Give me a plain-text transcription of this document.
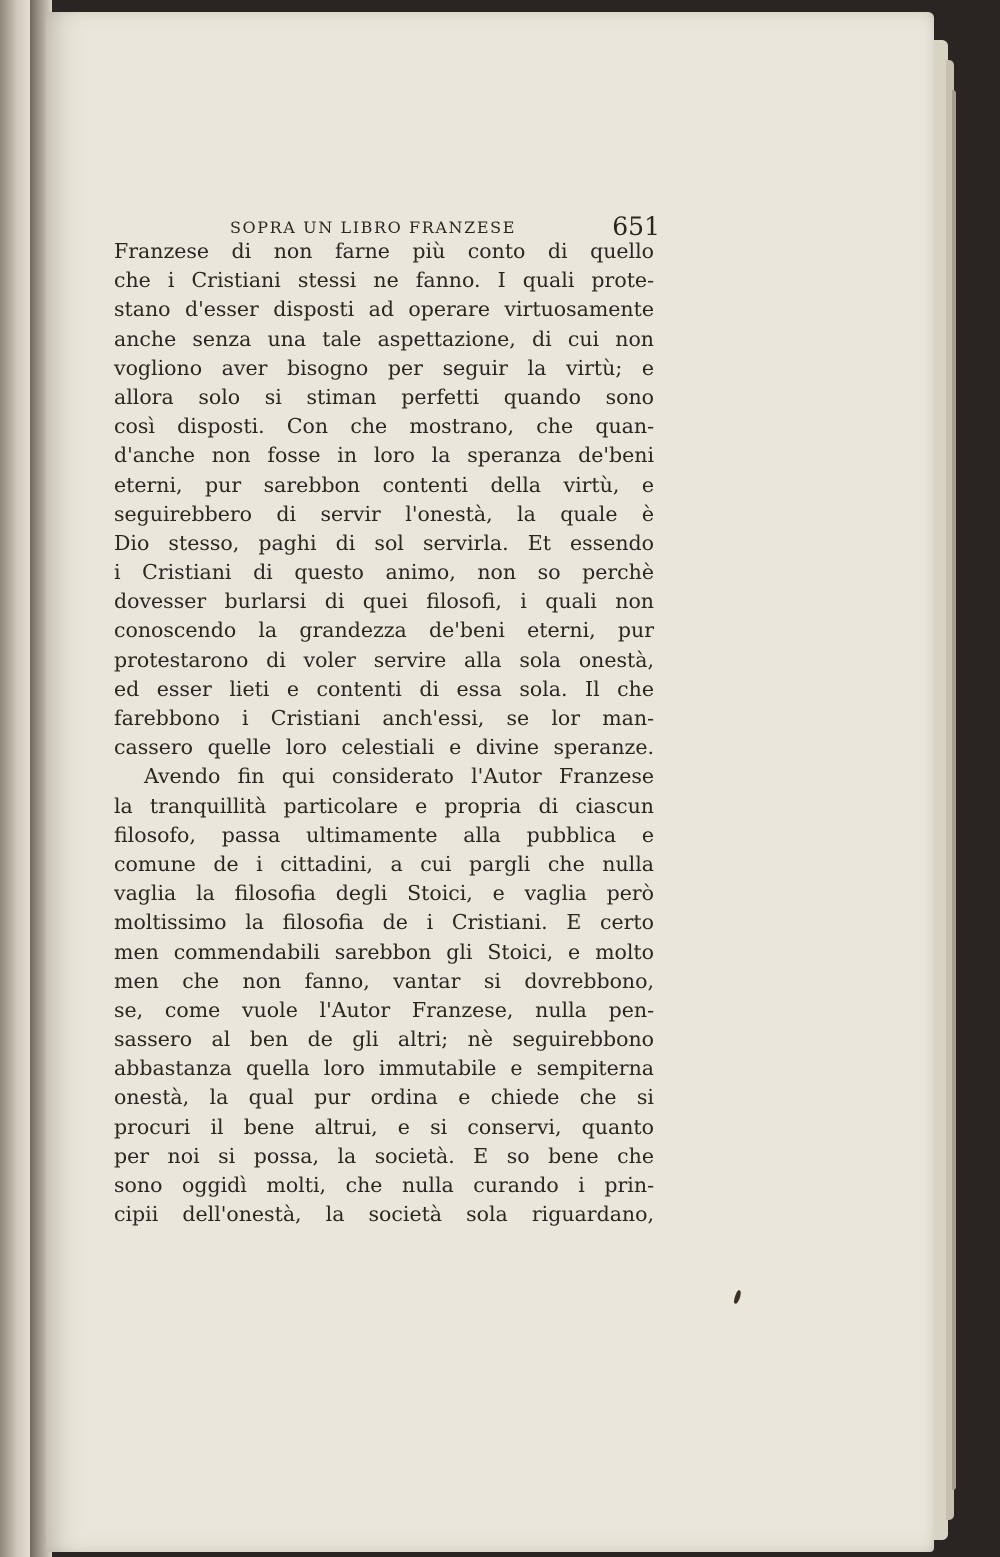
SOPRA UN LIBRO FRANZESE	651
Franzese di non farne più conto di quello
che i Cristiani stessi ne fanno. I quali prote-
stano d'esser disposti ad operare virtuosamente
anche senza una tale aspettazione, di cui non
vogliono aver bisogno per seguir la virtù; e
allora solo si stiman perfetti quando sono
così disposti. Con che mostrano, che quan-
d'anche non fosse in loro la speranza de'beni
eterni, pur sarebbon contenti della virtù, e
seguirebbero di servir l'onestà, la quale è
Dio stesso, paghi di sol servirla. Et essendo
i Cristiani di questo animo, non so perchè
dovesser burlarsi di quei filosofi, i quali non
conoscendo la grandezza de'beni eterni, pur
protestarono di voler servire alla sola onestà,
ed esser lieti e contenti di essa sola. Il che
farebbono i Cristiani anch'essi, se lor man-
cassero quelle loro celestiali e divine speranze.
Avendo fin qui considerato l'Autor Franzese
la tranquillità particolare e propria di ciascun
filosofo, passa ultimamente alla pubblica e
comune de i cittadini, a cui pargli che nulla
vaglia la filosofia degli Stoici, e vaglia però
moltissimo la filosofia de i Cristiani. E certo
men commendabili sarebbon gli Stoici, e molto
men che non fanno, vantar si dovrebbono,
se, come vuole l'Autor Franzese, nulla pen-
sassero al ben de gli altri; nè seguirebbono
abbastanza quella loro immutabile e sempiterna
onestà, la qual pur ordina e chiede che si
procuri il bene altrui, e si conservi, quanto
per noi si possa, la società. E so bene che
sono oggidì molti, che nulla curando i prin-
cipii dell'onestà, la società sola riguardano,
